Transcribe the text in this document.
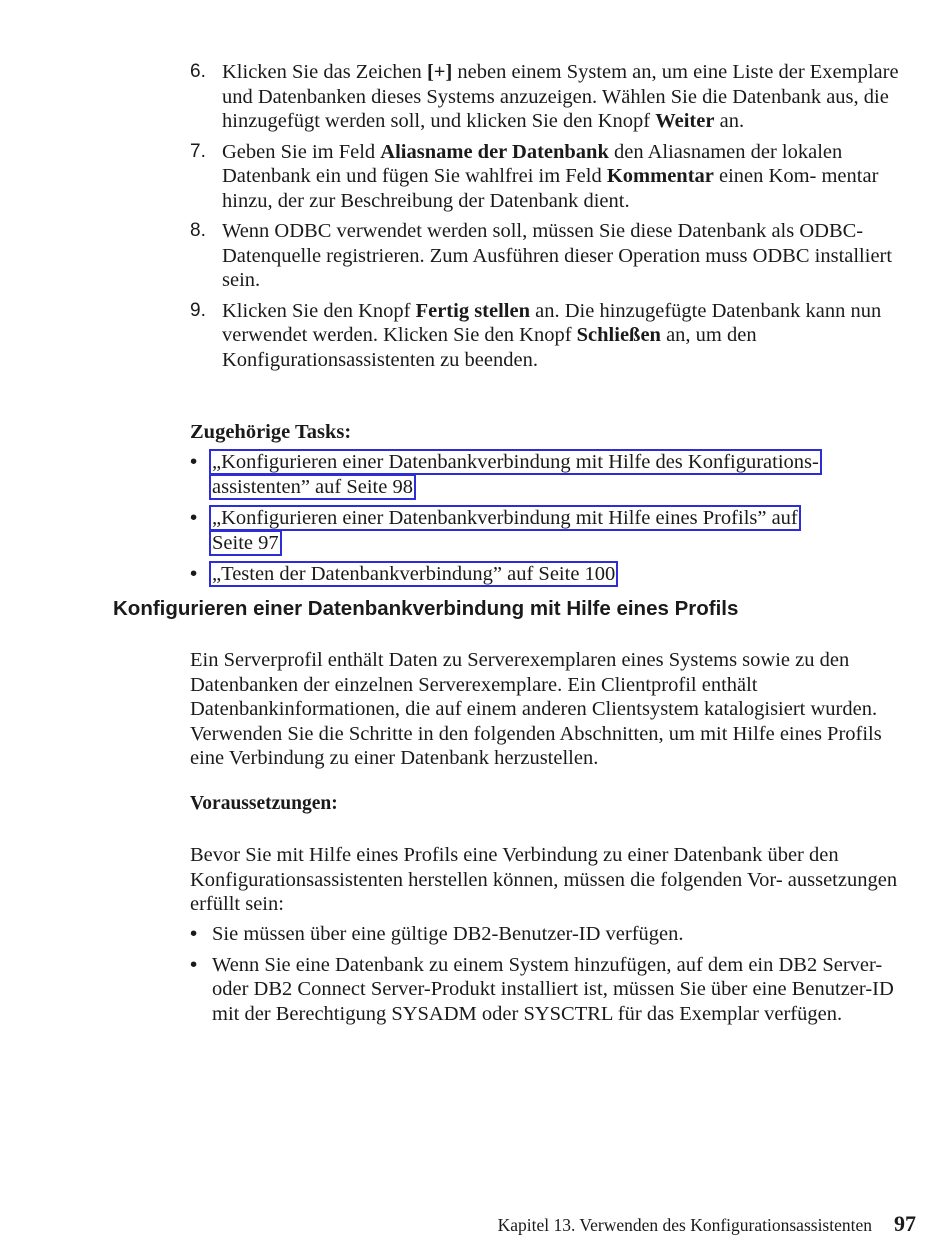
6. Klicken Sie das Zeichen [+] neben einem System an, um eine Liste der Exemplare und Datenbanken dieses Systems anzuzeigen. Wählen Sie die Datenbank aus, die hinzugefügt werden soll, und klicken Sie den Knopf Weiter an.
7. Geben Sie im Feld Aliasname der Datenbank den Aliasnamen der lokalen Datenbank ein und fügen Sie wahlfrei im Feld Kommentar einen Kom- mentar hinzu, der zur Beschreibung der Datenbank dient.
8. Wenn ODBC verwendet werden soll, müssen Sie diese Datenbank als ODBC-Datenquelle registrieren. Zum Ausführen dieser Operation muss ODBC installiert sein.
9. Klicken Sie den Knopf Fertig stellen an. Die hinzugefügte Datenbank kann nun verwendet werden. Klicken Sie den Knopf Schließen an, um den Konfigurationsassistenten zu beenden.
Zugehörige Tasks:
• „Konfigurieren einer Datenbankverbindung mit Hilfe des Konfigurations-
assistenten” auf Seite 98
• „Konfigurieren einer Datenbankverbindung mit Hilfe eines Profils” auf
Seite 97
• „Testen der Datenbankverbindung” auf Seite 100
Konfigurieren einer Datenbankverbindung mit Hilfe eines Profils
Ein Serverprofil enthält Daten zu Serverexemplaren eines Systems sowie zu den Datenbanken der einzelnen Serverexemplare. Ein Clientprofil enthält Datenbankinformationen, die auf einem anderen Clientsystem katalogisiert wurden. Verwenden Sie die Schritte in den folgenden Abschnitten, um mit Hilfe eines Profils eine Verbindung zu einer Datenbank herzustellen.
Voraussetzungen:
Bevor Sie mit Hilfe eines Profils eine Verbindung zu einer Datenbank über den Konfigurationsassistenten herstellen können, müssen die folgenden Vor- aussetzungen erfüllt sein:
• Sie müssen über eine gültige DB2-Benutzer-ID verfügen.
• Wenn Sie eine Datenbank zu einem System hinzufügen, auf dem ein DB2 Server- oder DB2 Connect Server-Produkt installiert ist, müssen Sie über eine Benutzer-ID mit der Berechtigung SYSADM oder SYSCTRL für das Exemplar verfügen.
Kapitel 13. Verwenden des Konfigurationsassistenten 97
